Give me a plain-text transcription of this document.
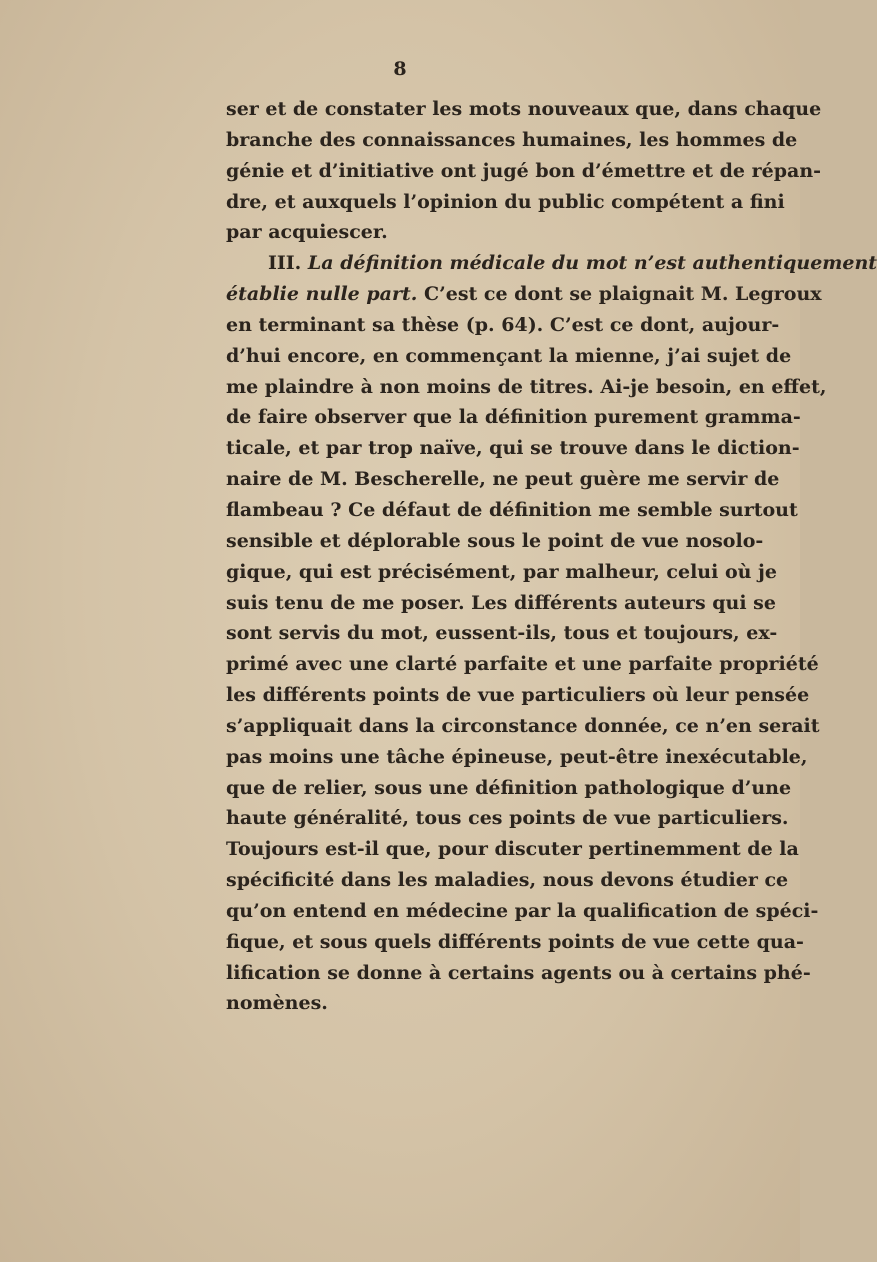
8
ser et de constater les mots nouveaux que, dans chaque
branche des connaissances humaines, les hommes de
génie et d’initiative ont jugé bon d’émettre et de répan-
dre, et auxquels l’opinion du public compétent a fini
par acquiescer.
III. La définition médicale du mot n’est authentiquement
établie nulle part. C’est ce dont se plaignait M. Legroux
en terminant sa thèse (p. 64). C’est ce dont, aujour-
d’hui encore, en commençant la mienne, j’ai sujet de
me plaindre à non moins de titres. Ai-je besoin, en effet,
de faire observer que la définition purement gramma-
ticale, et par trop naïve, qui se trouve dans le diction-
naire de M. Bescherelle, ne peut guère me servir de
flambeau ? Ce défaut de définition me semble surtout
sensible et déplorable sous le point de vue nosolo-
gique, qui est précisément, par malheur, celui où je
suis tenu de me poser. Les différents auteurs qui se
sont servis du mot, eussent-ils, tous et toujours, ex-
primé avec une clarté parfaite et une parfaite propriété
les différents points de vue particuliers où leur pensée
s’appliquait dans la circonstance donnée, ce n’en serait
pas moins une tâche épineuse, peut-être inexécutable,
que de relier, sous une définition pathologique d’une
haute généralité, tous ces points de vue particuliers.
Toujours est-il que, pour discuter pertinemment de la
spécificité dans les maladies, nous devons étudier ce
qu’on entend en médecine par la qualification de spéci-
fique, et sous quels différents points de vue cette qua-
lification se donne à certains agents ou à certains phé-
nomènes.
